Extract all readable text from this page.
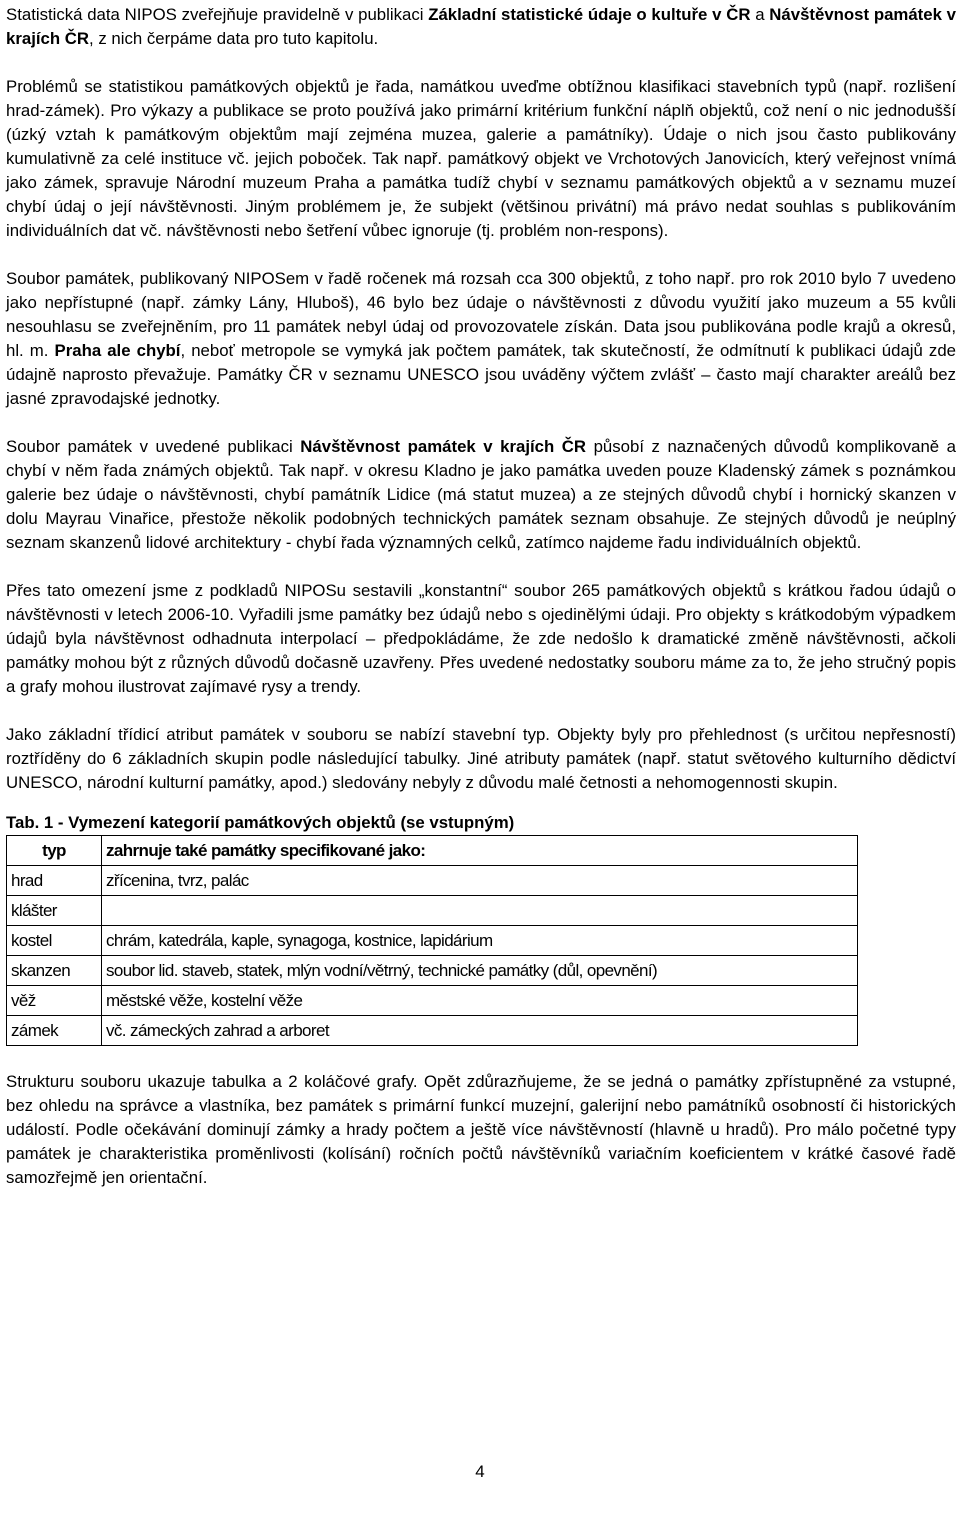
Statistická data NIPOS zveřejňuje pravidelně v publikaci Základní statistické údaje o kultuře v ČR a Návštěvnost památek v krajích ČR, z nich čerpáme data pro tuto kapitolu.

Problémů se statistikou památkových objektů je řada, namátkou uveďme obtížnou klasifikaci stavebních typů (např. rozlišení hrad-zámek). Pro výkazy a publikace se proto používá jako primární kritérium funkční náplň objektů, což není o nic jednodušší (úzký vztah k památkovým objektům mají zejména muzea, galerie a památníky). Údaje o nich jsou často publikovány kumulativně za celé instituce vč. jejich poboček. Tak např. památkový objekt ve Vrchotových Janovicích, který veřejnost vnímá jako zámek, spravuje Národní muzeum Praha a památka tudíž chybí v seznamu památkových objektů a v seznamu muzeí chybí údaj o její návštěvnosti. Jiným problémem je, že subjekt (většinou privátní) má právo nedat souhlas s publikováním individuálních dat vč. návštěvnosti nebo šetření vůbec ignoruje (tj. problém non-respons).

Soubor památek, publikovaný NIPOSem v řadě ročenek má rozsah cca 300 objektů, z toho např. pro rok 2010 bylo 7 uvedeno jako nepřístupné (např. zámky Lány, Hluboš), 46 bylo bez údaje o návštěvnosti z důvodu využití jako muzeum a 55 kvůli nesouhlasu se zveřejněním, pro 11 památek nebyl údaj od provozovatele získán. Data jsou publikována podle krajů a okresů, hl. m. Praha ale chybí, neboť metropole se vymyká jak počtem památek, tak skutečností, že odmítnutí k publikaci údajů zde údajně naprosto převažuje. Památky ČR v seznamu UNESCO jsou uváděny výčtem zvlášť – často mají charakter areálů bez jasné zpravodajské jednotky.

Soubor památek v uvedené publikaci Návštěvnost památek v krajích ČR působí z naznačených důvodů komplikovaně a chybí v něm řada známých objektů. Tak např. v okresu Kladno je jako památka uveden pouze Kladenský zámek s poznámkou galerie bez údaje o návštěvnosti, chybí památník Lidice (má statut muzea) a ze stejných důvodů chybí i hornický skanzen v dolu Mayrau Vinařice, přestože několik podobných technických památek seznam obsahuje. Ze stejných důvodů je neúplný seznam skanzenů lidové architektury - chybí řada významných celků, zatímco najdeme řadu individuálních objektů.

Přes tato omezení jsme z podkladů NIPOSu sestavili „konstantní“ soubor 265 památkových objektů s krátkou řadou údajů o návštěvnosti v letech 2006-10. Vyřadili jsme památky bez údajů nebo s ojedinělými údaji. Pro objekty s krátkodobým výpadkem údajů byla návštěvnost odhadnuta interpolací – předpokládáme, že zde nedošlo k dramatické změně návštěvnosti, ačkoli památky mohou být z různých důvodů dočasně uzavřeny. Přes uvedené nedostatky souboru máme za to, že jeho stručný popis a grafy mohou ilustrovat zajímavé rysy a trendy.

Jako základní třídicí atribut památek v souboru se nabízí stavební typ. Objekty byly pro přehlednost (s určitou nepřesností) roztříděny do 6 základních skupin podle následující tabulky. Jiné atributy památek (např. statut světového kulturního dědictví UNESCO, národní kulturní památky, apod.) sledovány nebyly z důvodu malé četnosti a nehomogennosti skupin.

Tab. 1 - Vymezení kategorií památkových objektů (se vstupným)
typ	zahrnuje také památky specifikované jako:
hrad	zřícenina, tvrz, palác
klášter	
kostel	chrám, katedrála, kaple, synagoga, kostnice, lapidárium
skanzen	soubor lid. staveb, statek, mlýn vodní/větrný, technické památky (důl, opevnění)
věž	městské věže, kostelní věže
zámek	vč. zámeckých zahrad a arboret

Strukturu souboru ukazuje tabulka a 2 koláčové grafy. Opět zdůrazňujeme, že se jedná o památky zpřístupněné za vstupné, bez ohledu na správce a vlastníka, bez památek s primární funkcí muzejní, galerijní nebo památníků osobností či historických událostí. Podle očekávání dominují zámky a hrady počtem a ještě více návštěvností (hlavně u hradů). Pro málo početné typy památek je charakteristika proměnlivosti (kolísání) ročních počtů návštěvníků variačním koeficientem v krátké časové řadě samozřejmě jen orientační.

4
